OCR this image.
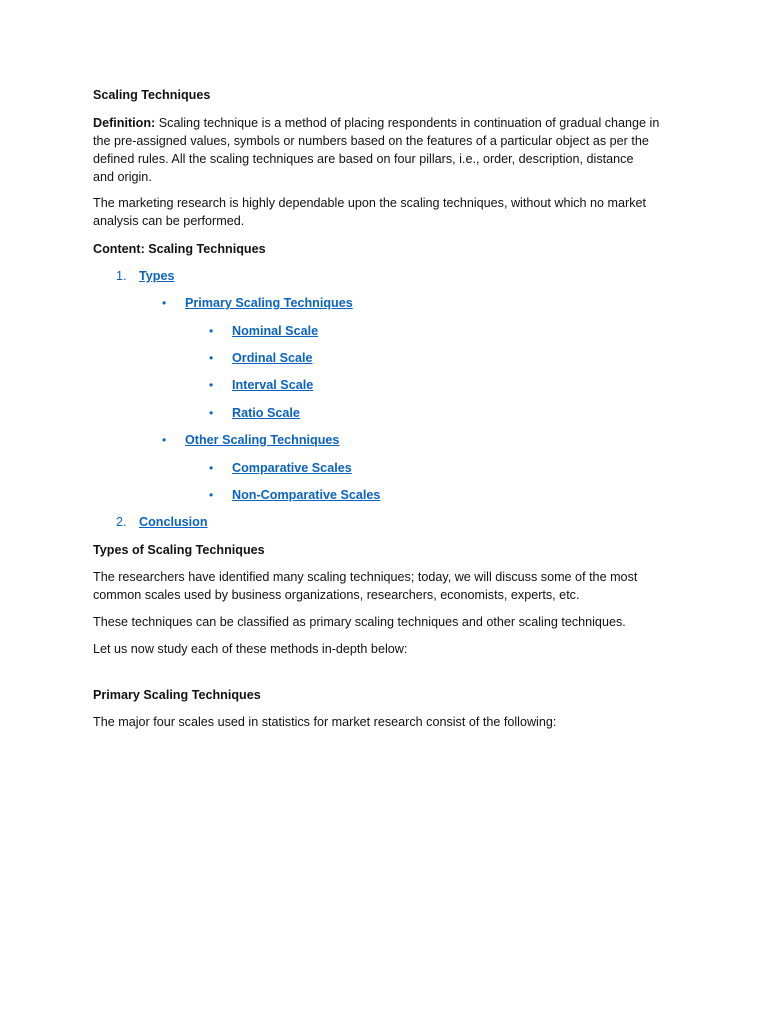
Scaling Techniques
Definition: Scaling technique is a method of placing respondents in continuation of gradual change in
the pre-assigned values, symbols or numbers based on the features of a particular object as per the
defined rules. All the scaling techniques are based on four pillars, i.e., order, description, distance
and origin.
The marketing research is highly dependable upon the scaling techniques, without which no market
analysis can be performed.
Content: Scaling Techniques
1. Types
• Primary Scaling Techniques
• Nominal Scale
• Ordinal Scale
• Interval Scale
• Ratio Scale
• Other Scaling Techniques
• Comparative Scales
• Non-Comparative Scales
2. Conclusion
Types of Scaling Techniques
The researchers have identified many scaling techniques; today, we will discuss some of the most
common scales used by business organizations, researchers, economists, experts, etc.
These techniques can be classified as primary scaling techniques and other scaling techniques.
Let us now study each of these methods in-depth below:
Primary Scaling Techniques
The major four scales used in statistics for market research consist of the following:
